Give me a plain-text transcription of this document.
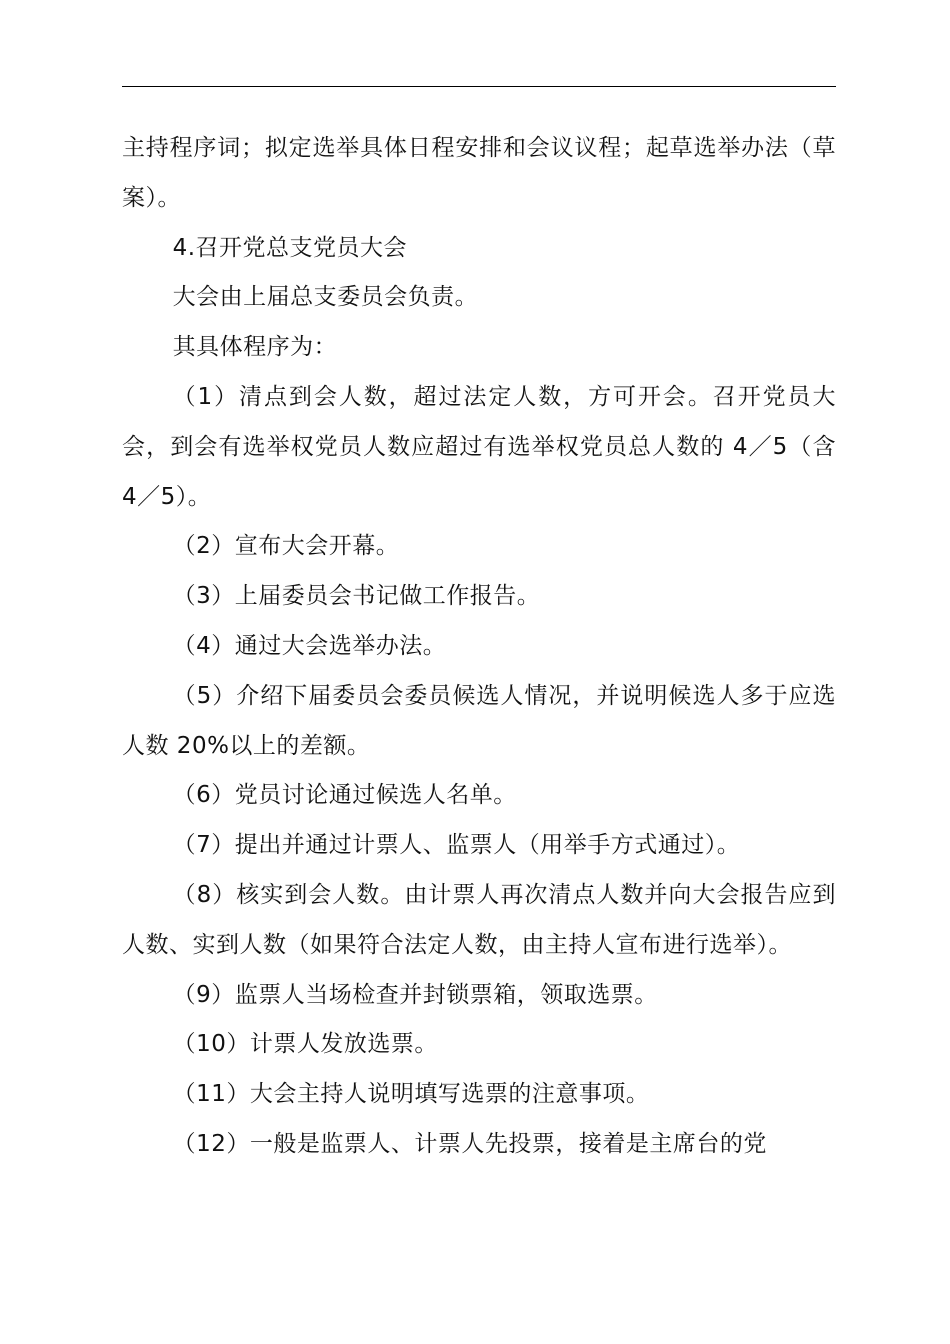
主持程序词；拟定选举具体日程安排和会议议程；起草选举办法（草案）。

4.召开党总支党员大会

大会由上届总支委员会负责。

其具体程序为：

（1）清点到会人数，超过法定人数，方可开会。召开党员大会，到会有选举权党员人数应超过有选举权党员总人数的 4／5（含 4／5）。

（2）宣布大会开幕。

（3）上届委员会书记做工作报告。

（4）通过大会选举办法。

（5）介绍下届委员会委员候选人情况，并说明候选人多于应选人数 20%以上的差额。

（6）党员讨论通过候选人名单。

（7）提出并通过计票人、监票人（用举手方式通过）。

（8）核实到会人数。由计票人再次清点人数并向大会报告应到人数、实到人数（如果符合法定人数，由主持人宣布进行选举）。

（9）监票人当场检查并封锁票箱，领取选票。

（10）计票人发放选票。

（11）大会主持人说明填写选票的注意事项。

（12）一般是监票人、计票人先投票，接着是主席台的党
